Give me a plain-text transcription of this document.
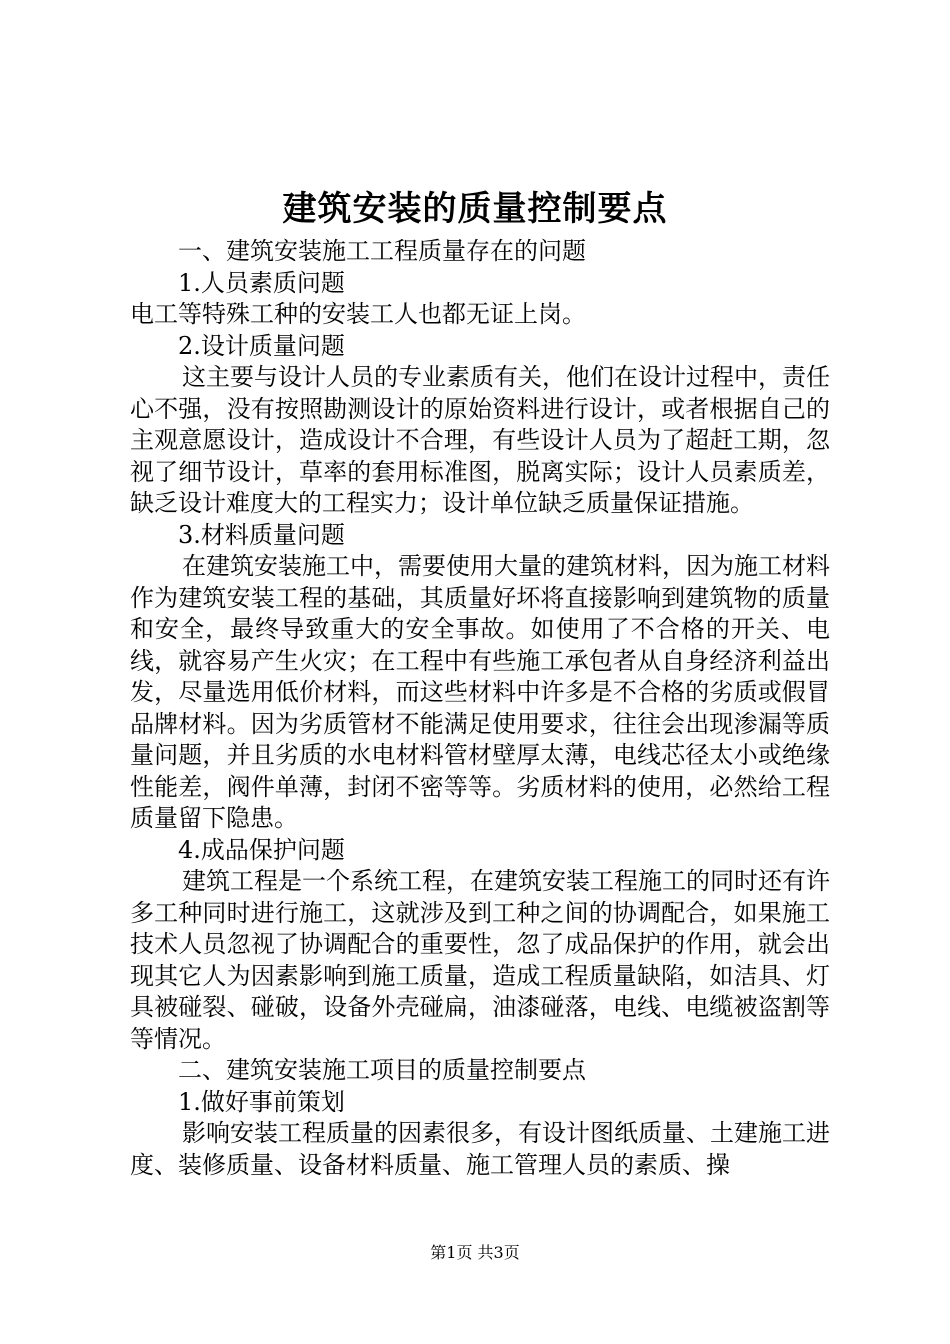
建筑安装的质量控制要点

一、建筑安装施工工程质量存在的问题

1.人员素质问题

电工等特殊工种的安装工人也都无证上岗。

2.设计质量问题

这主要与设计人员的专业素质有关，他们在设计过程中，责任心不强，没有按照勘测设计的原始资料进行设计，或者根据自己的主观意愿设计，造成设计不合理，有些设计人员为了超赶工期，忽视了细节设计，草率的套用标准图，脱离实际；设计人员素质差，缺乏设计难度大的工程实力；设计单位缺乏质量保证措施。

3.材料质量问题

在建筑安装施工中，需要使用大量的建筑材料，因为施工材料作为建筑安装工程的基础，其质量好坏将直接影响到建筑物的质量和安全，最终导致重大的安全事故。如使用了不合格的开关、电线，就容易产生火灾；在工程中有些施工承包者从自身经济利益出发，尽量选用低价材料，而这些材料中许多是不合格的劣质或假冒品牌材料。因为劣质管材不能满足使用要求，往往会出现渗漏等质量问题，并且劣质的水电材料管材壁厚太薄，电线芯径太小或绝缘性能差，阀件单薄，封闭不密等等。劣质材料的使用，必然给工程质量留下隐患。

4.成品保护问题

建筑工程是一个系统工程，在建筑安装工程施工的同时还有许多工种同时进行施工，这就涉及到工种之间的协调配合，如果施工技术人员忽视了协调配合的重要性，忽了成品保护的作用，就会出现其它人为因素影响到施工质量，造成工程质量缺陷，如洁具、灯具被碰裂、碰破，设备外壳碰扁，油漆碰落，电线、电缆被盗割等等情况。

二、建筑安装施工项目的质量控制要点

1.做好事前策划

影响安装工程质量的因素很多，有设计图纸质量、土建施工进度、装修质量、设备材料质量、施工管理人员的素质、操

第1页 共3页
